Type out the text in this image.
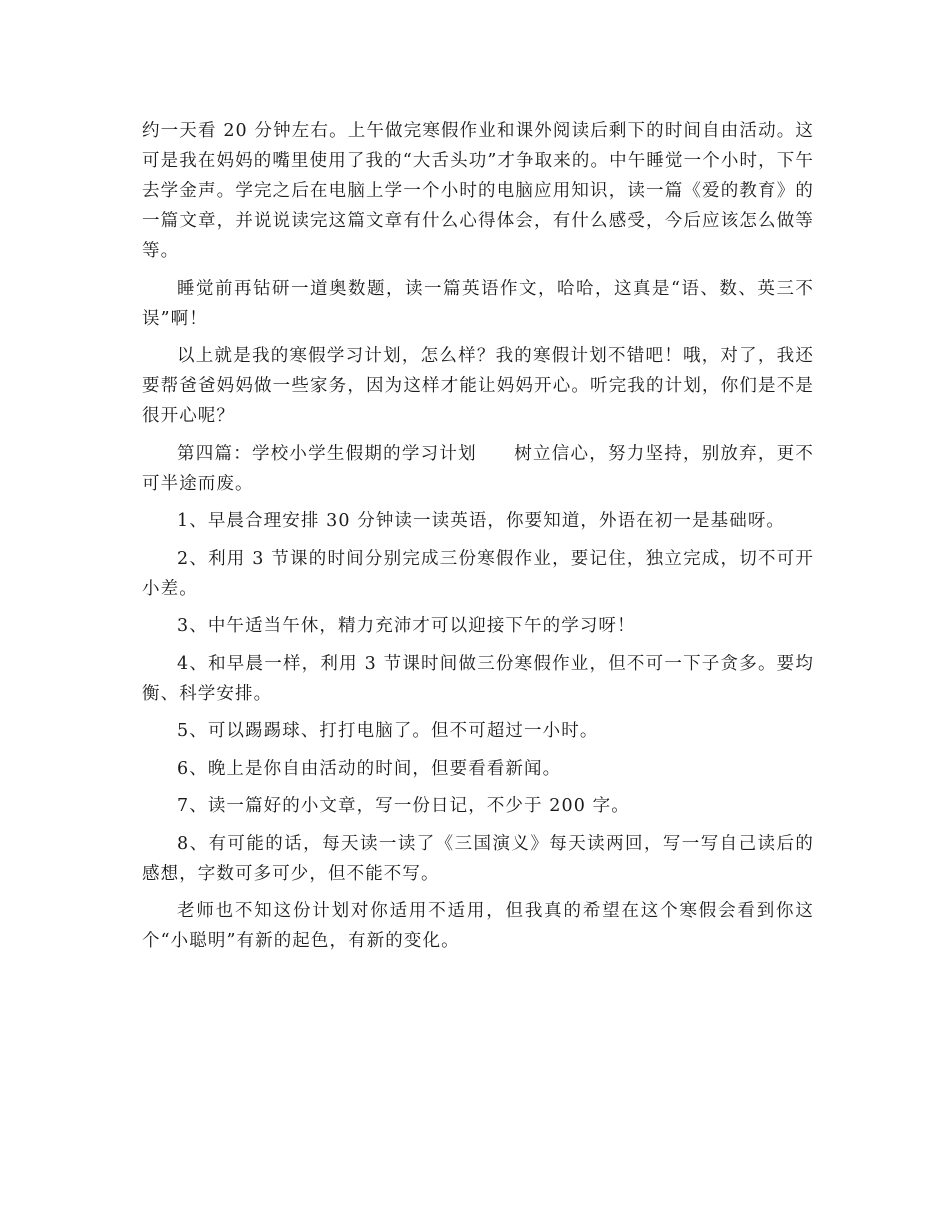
约一天看 20 分钟左右。上午做完寒假作业和课外阅读后剩下的时间自由活动。这可是我在妈妈的嘴里使用了我的“大舌头功”才争取来的。中午睡觉一个小时，下午去学金声。学完之后在电脑上学一个小时的电脑应用知识，读一篇《爱的教育》的一篇文章，并说说读完这篇文章有什么心得体会，有什么感受，今后应该怎么做等等。

睡觉前再钻研一道奥数题，读一篇英语作文，哈哈，这真是“语、数、英三不误”啊！

以上就是我的寒假学习计划，怎么样？我的寒假计划不错吧！哦，对了，我还要帮爸爸妈妈做一些家务，因为这样才能让妈妈开心。听完我的计划，你们是不是很开心呢？

第四篇：学校小学生假期的学习计划　　树立信心，努力坚持，别放弃，更不可半途而废。

1、早晨合理安排 30 分钟读一读英语，你要知道，外语在初一是基础呀。

2、利用 3 节课的时间分别完成三份寒假作业，要记住，独立完成，切不可开小差。

3、中午适当午休，精力充沛才可以迎接下午的学习呀！

4、和早晨一样，利用 3 节课时间做三份寒假作业，但不可一下子贪多。要均衡、科学安排。

5、可以踢踢球、打打电脑了。但不可超过一小时。

6、晚上是你自由活动的时间，但要看看新闻。

7、读一篇好的小文章，写一份日记，不少于 200 字。

8、有可能的话，每天读一读了《三国演义》每天读两回，写一写自己读后的感想，字数可多可少，但不能不写。

老师也不知这份计划对你适用不适用，但我真的希望在这个寒假会看到你这个“小聪明”有新的起色，有新的变化。
